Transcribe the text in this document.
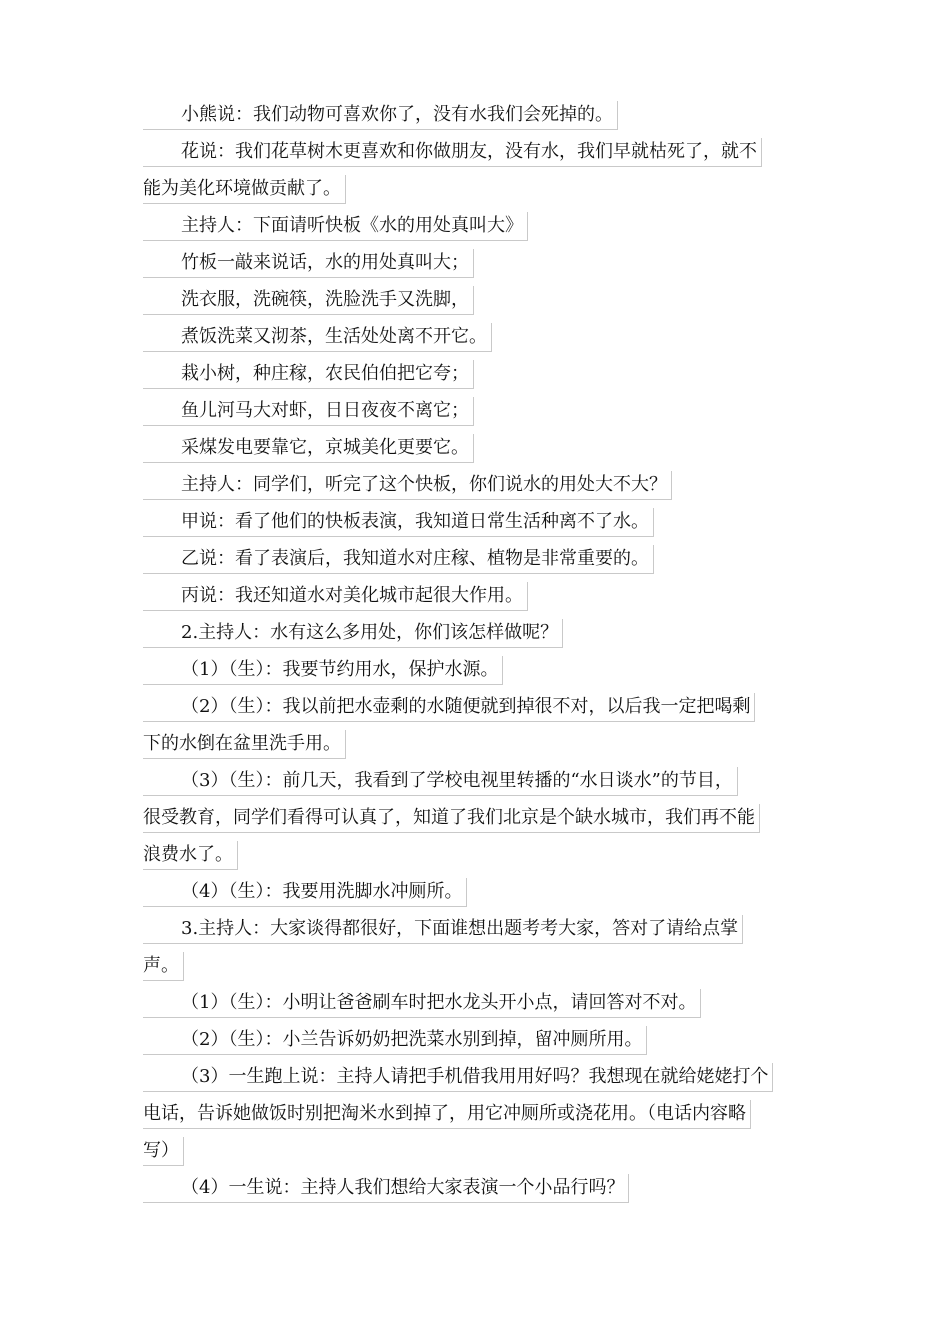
小熊说：我们动物可喜欢你了，没有水我们会死掉的。
花说：我们花草树木更喜欢和你做朋友，没有水，我们早就枯死了，就不
能为美化环境做贡献了。
主持人：下面请听快板《水的用处真叫大》
竹板一敲来说话，水的用处真叫大；
洗衣服，洗碗筷，洗脸洗手又洗脚，
煮饭洗菜又沏茶，生活处处离不开它。
栽小树，种庄稼，农民伯伯把它夸；
鱼儿河马大对虾，日日夜夜不离它；
采煤发电要靠它，京城美化更要它。
主持人：同学们，听完了这个快板，你们说水的用处大不大？
甲说：看了他们的快板表演，我知道日常生活种离不了水。
乙说：看了表演后，我知道水对庄稼、植物是非常重要的。
丙说：我还知道水对美化城市起很大作用。
2.主持人：水有这么多用处，你们该怎样做呢？
（1）（生）：我要节约用水，保护水源。
（2）（生）：我以前把水壶剩的水随便就到掉很不对，以后我一定把喝剩
下的水倒在盆里洗手用。
（3）（生）：前几天，我看到了学校电视里转播的“水日谈水”的节目，
很受教育，同学们看得可认真了，知道了我们北京是个缺水城市，我们再不能
浪费水了。
（4）（生）：我要用洗脚水冲厕所。
3.主持人：大家谈得都很好，下面谁想出题考考大家，答对了请给点掌
声。
（1）（生）：小明让爸爸刷车时把水龙头开小点，请回答对不对。
（2）（生）：小兰告诉奶奶把洗菜水别到掉，留冲厕所用。
（3）一生跑上说：主持人请把手机借我用用好吗？我想现在就给姥姥打个
电话，告诉她做饭时别把淘米水到掉了，用它冲厕所或浇花用。（电话内容略
写）
（4）一生说：主持人我们想给大家表演一个小品行吗？
